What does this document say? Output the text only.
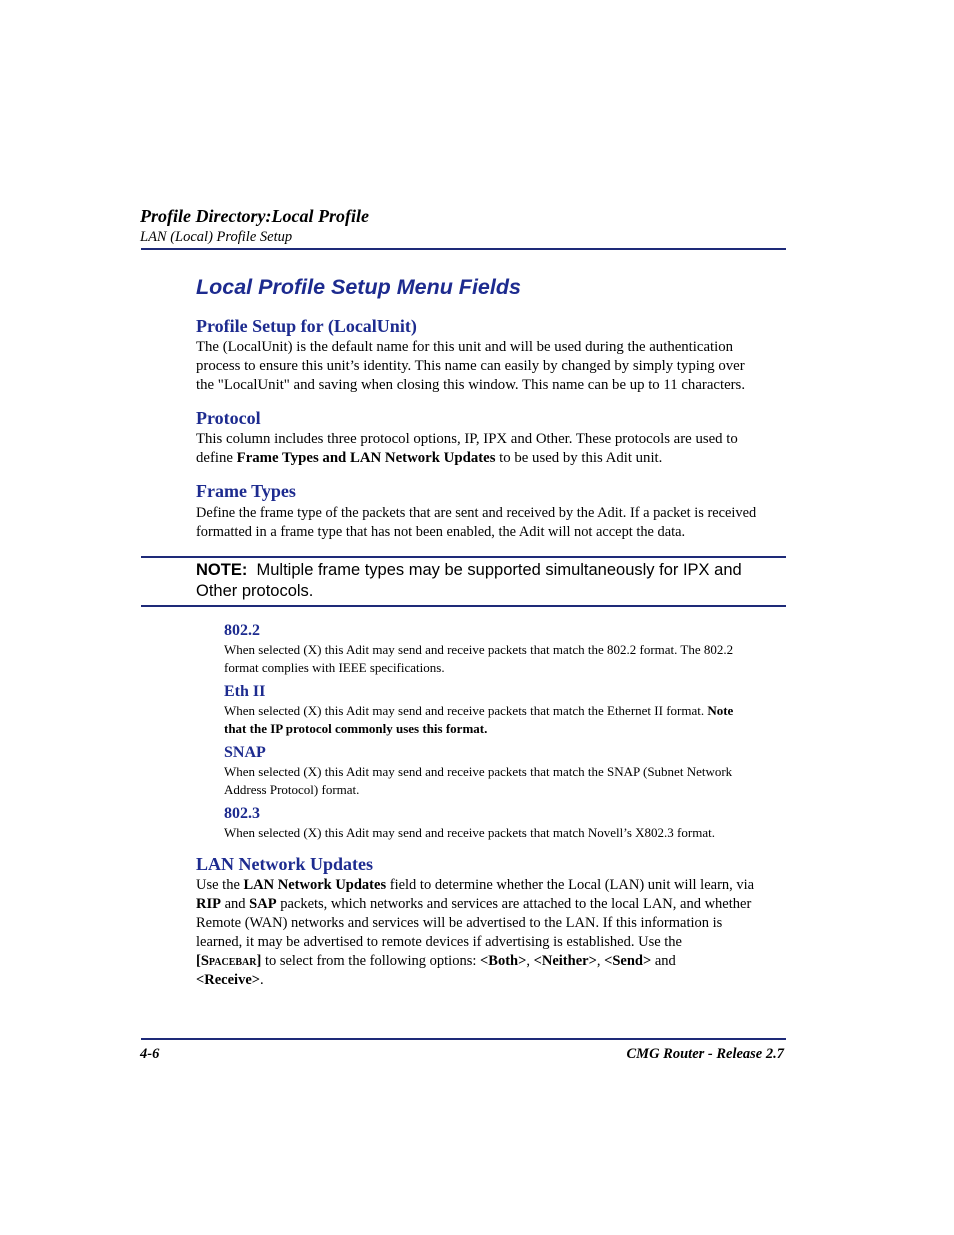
Profile Directory:Local Profile
LAN (Local) Profile Setup
Local Profile Setup Menu Fields
Profile Setup for (LocalUnit)

The (LocalUnit) is the default name for this unit and will be used during the authentication
process to ensure this unit’s identity. This name can easily by changed by simply typing over
the "LocalUnit" and saving when closing this window. This name can be up to 11 characters.

Protocol

This column includes three protocol options, IP, IPX and Other. These protocols are used to
define Frame Types and LAN Network Updates to be used by this Adit unit.

Frame Types

Define the frame type of the packets that are sent and received by the Adit. If a packet is received
formatted in a frame type that has not been enabled, the Adit will not accept the data.

NOTE: Multiple frame types may be supported simultaneously for IPX and
Other protocols.
802.2

When selected (X) this Adit may send and receive packets that match the 802.2 format. The 802.2
format complies with IEEE specifications.

Eth II

When selected (X) this Adit may send and receive packets that match the Ethernet II format. Note
that the IP protocol commonly uses this format.

SNAP

When selected (X) this Adit may send and receive packets that match the SNAP (Subnet Network
Address Protocol) format.

802.3

When selected (X) this Adit may send and receive packets that match Novell’s X802.3 format.

LAN Network Updates

Use the LAN Network Updates field to determine whether the Local (LAN) unit will learn, via
RIP and SAP packets, which networks and services are attached to the local LAN, and whether
Remote (WAN) networks and services will be advertised to the LAN. If this information is
learned, it may be advertised to remote devices if advertising is established. Use the
[Spacebar] to select from the following options: <Both>, <Neither>, <Send> and
<Receive>.

4-6	CMG Router - Release 2.7
